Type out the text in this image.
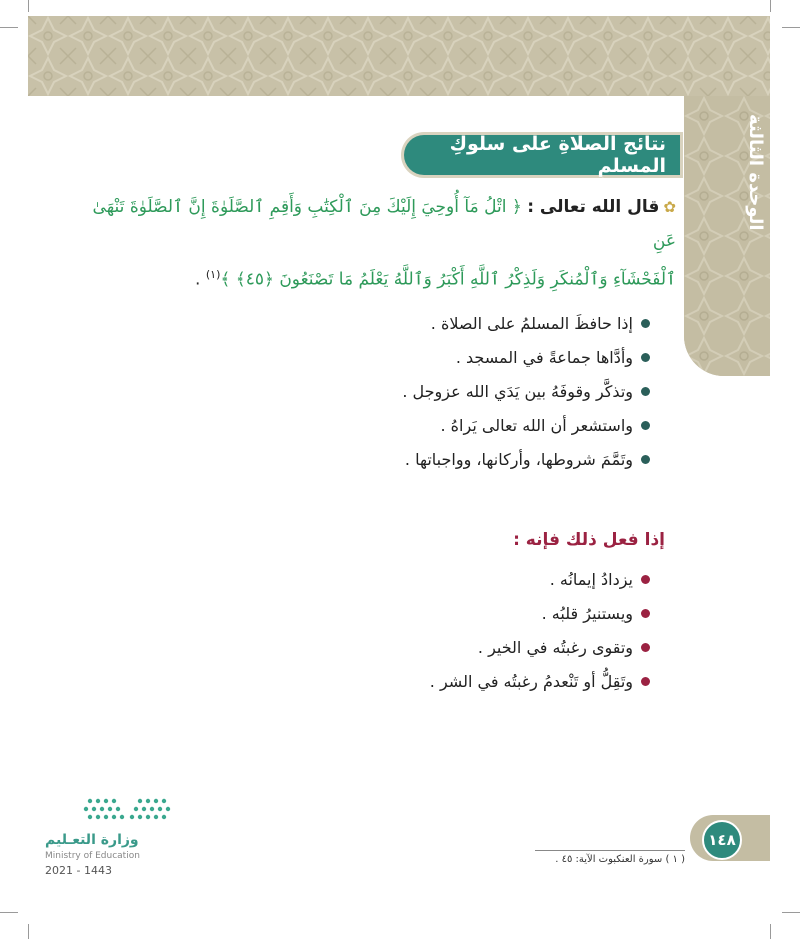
الوحدة الثالثة
نتائج الصلاةِ على سلوكِ المسلمِ
✿قال الله تعالى : ﴿ اتْلُ مَآ أُوحِيَ إِلَيْكَ مِنَ ٱلْكِتَٰبِ وَأَقِمِ ٱلصَّلَوٰةَ إِنَّ ٱلصَّلَوٰةَ تَنْهَىٰ عَنِ
ٱلْفَحْشَآءِ وَٱلْمُنكَرِ وَلَذِكْرُ ٱللَّهِ أَكْبَرُ وَٱللَّهُ يَعْلَمُ مَا تَصْنَعُونَ ﴿٤٥﴾ ﴾$^{(١)}$ .
إذا حافظَ المسلمُ على الصلاة .
وأدَّاها جماعةً في المسجد .
وتذكَّر وقوفَهُ بين يَدَي الله عزوجل .
واستشعر أن الله تعالى يَراهُ .
وتَمَّمَ شروطها، وأركانها، وواجباتها .
إذا فعل ذلك فإنه :
يزدادُ إيمانُه .
ويستنيرُ قلبُه .
وتقوى رغبتُه في الخير .
وتَقِلُّ أو تَنْعدمُ رغبتُه في الشر .
وزارة التعـليم
Ministry of Education
2021 - 1443
( ١ ) سورة العنكبوت الآية: ٤٥ .
١٤٨
